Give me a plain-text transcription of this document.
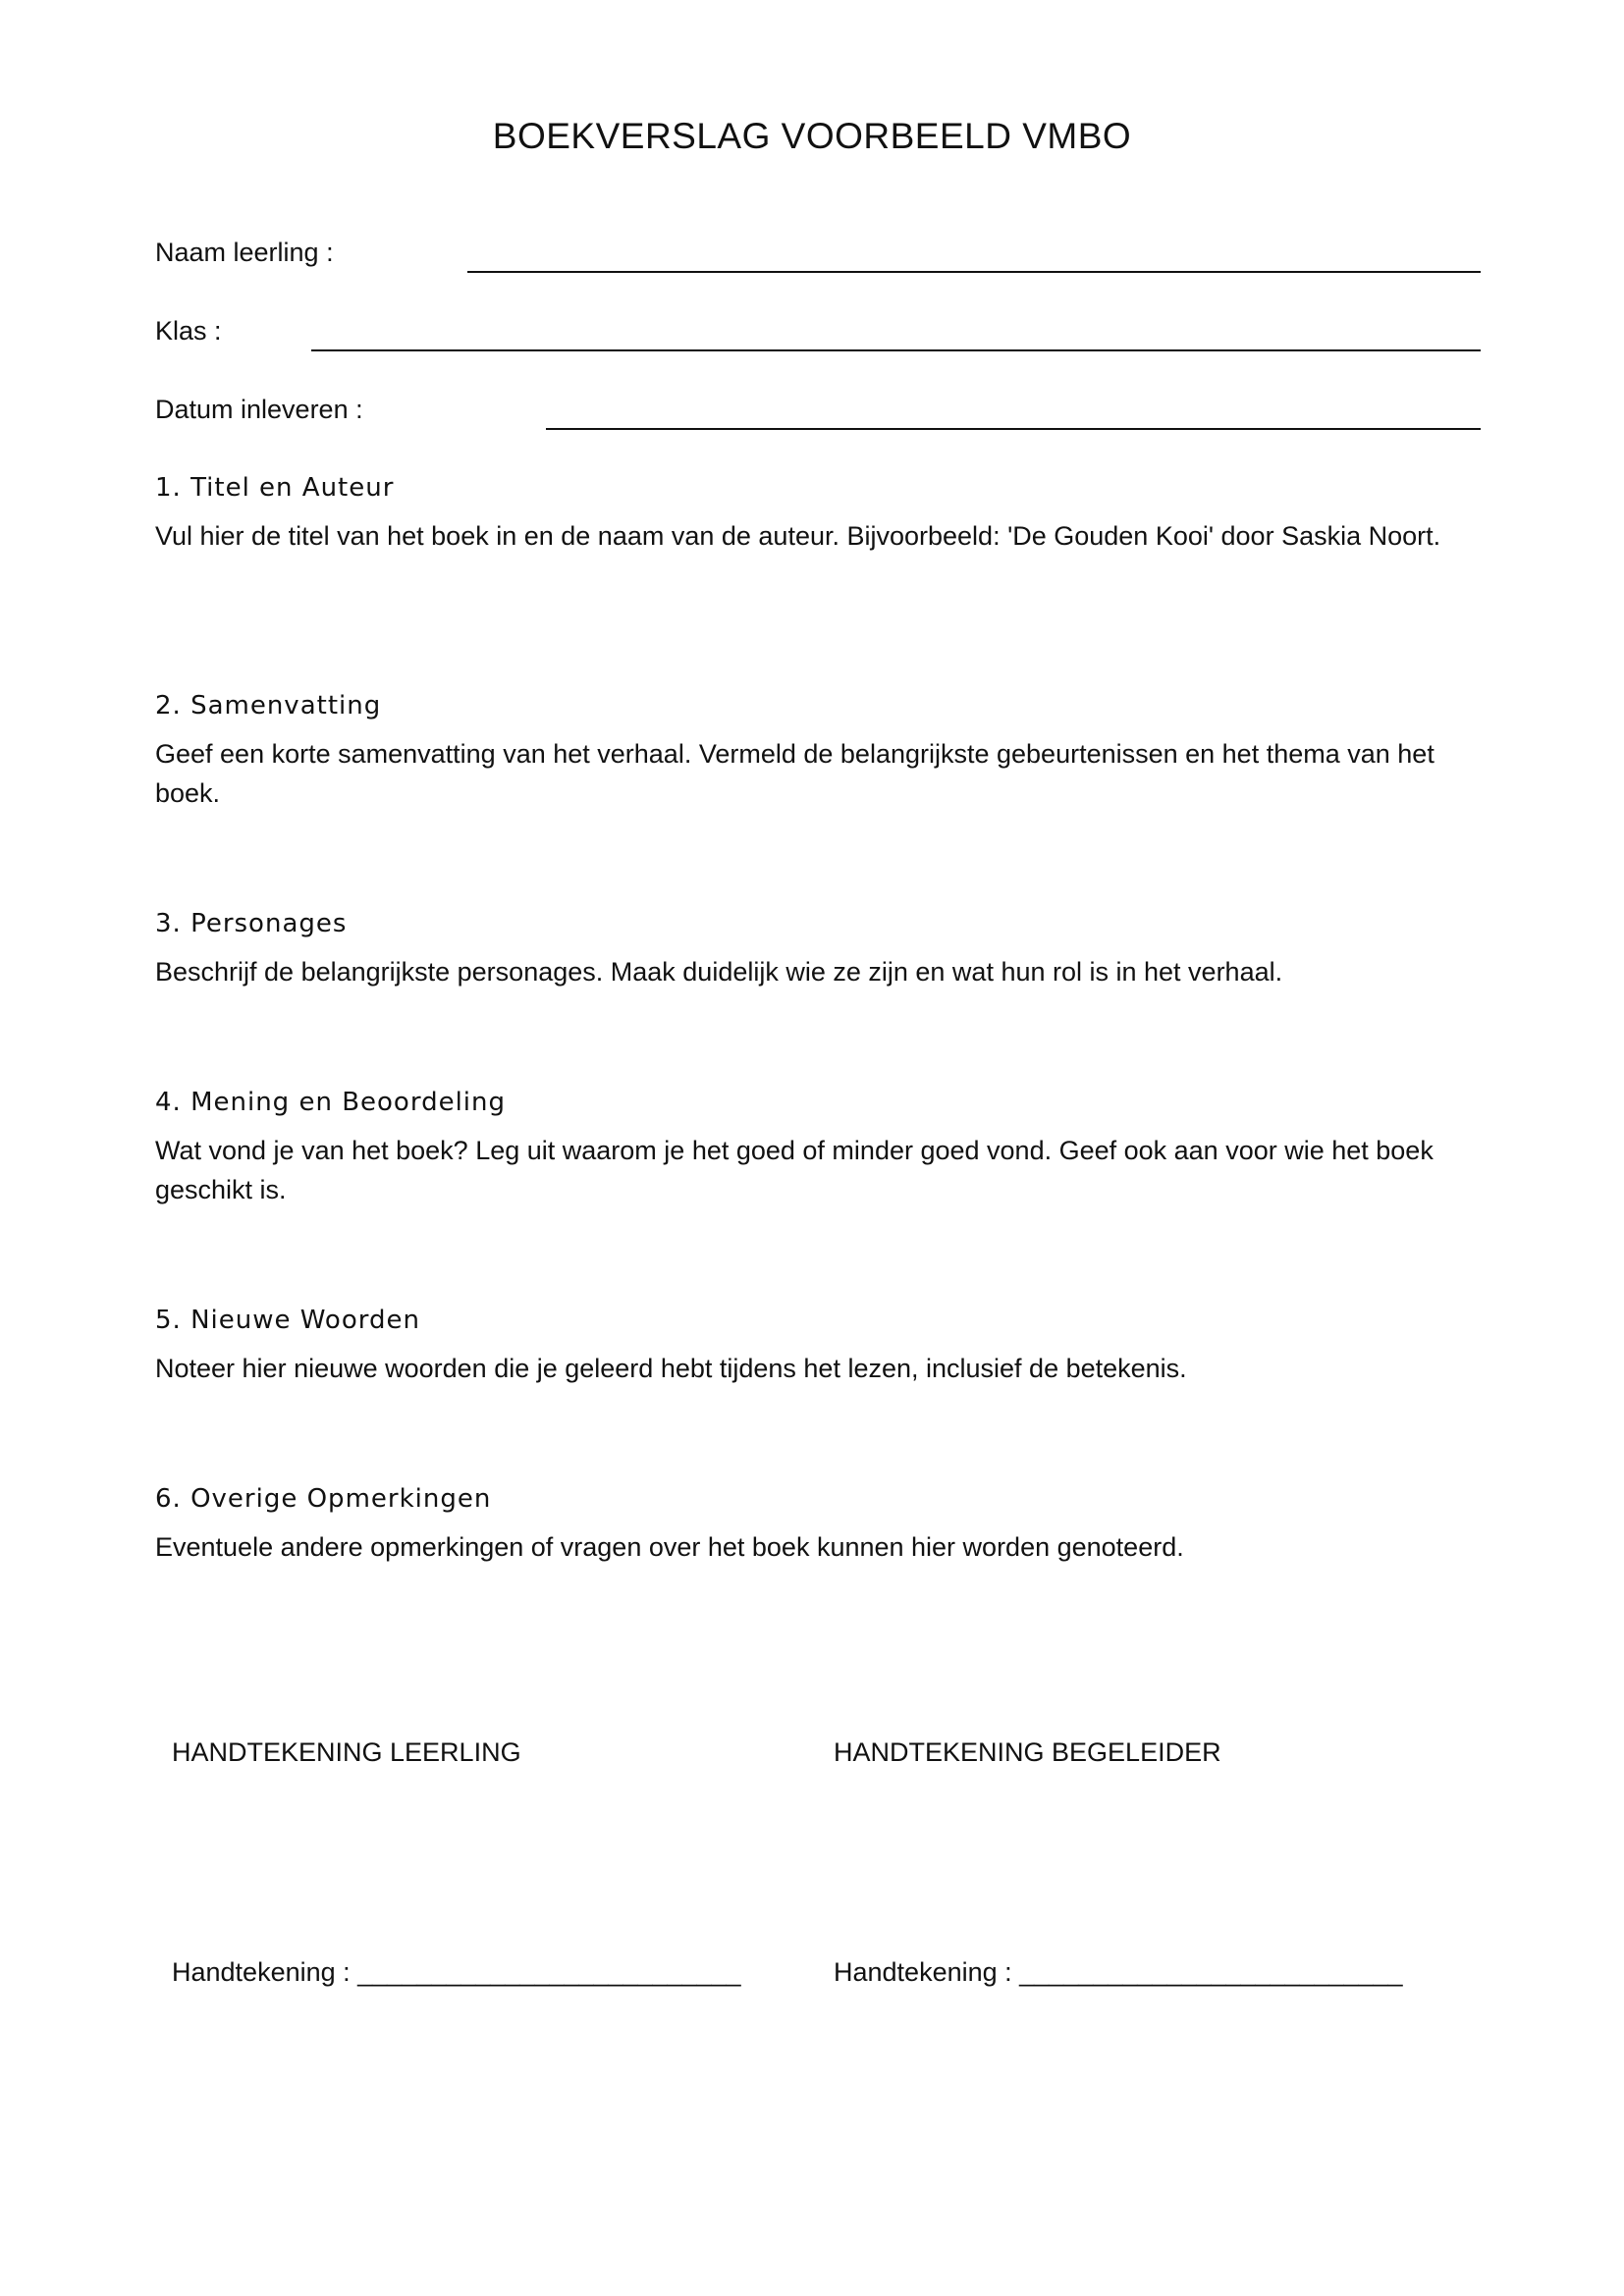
BOEKVERSLAG VOORBEELD VMBO
Naam leerling :
Klas :
Datum inleveren :
1. Titel en Auteur
Vul hier de titel van het boek in en de naam van de auteur. Bijvoorbeeld: 'De Gouden Kooi' door Saskia Noort.
2. Samenvatting
Geef een korte samenvatting van het verhaal. Vermeld de belangrijkste gebeurtenissen en het thema van het boek.
3. Personages
Beschrijf de belangrijkste personages. Maak duidelijk wie ze zijn en wat hun rol is in het verhaal.
4. Mening en Beoordeling
Wat vond je van het boek? Leg uit waarom je het goed of minder goed vond. Geef ook aan voor wie het boek geschikt is.
5. Nieuwe Woorden
Noteer hier nieuwe woorden die je geleerd hebt tijdens het lezen, inclusief de betekenis.
6. Overige Opmerkingen
Eventuele andere opmerkingen of vragen over het boek kunnen hier worden genoteerd.
HANDTEKENING LEERLING	HANDTEKENING BEGELEIDER
Handtekening : __________________________	Handtekening : __________________________
